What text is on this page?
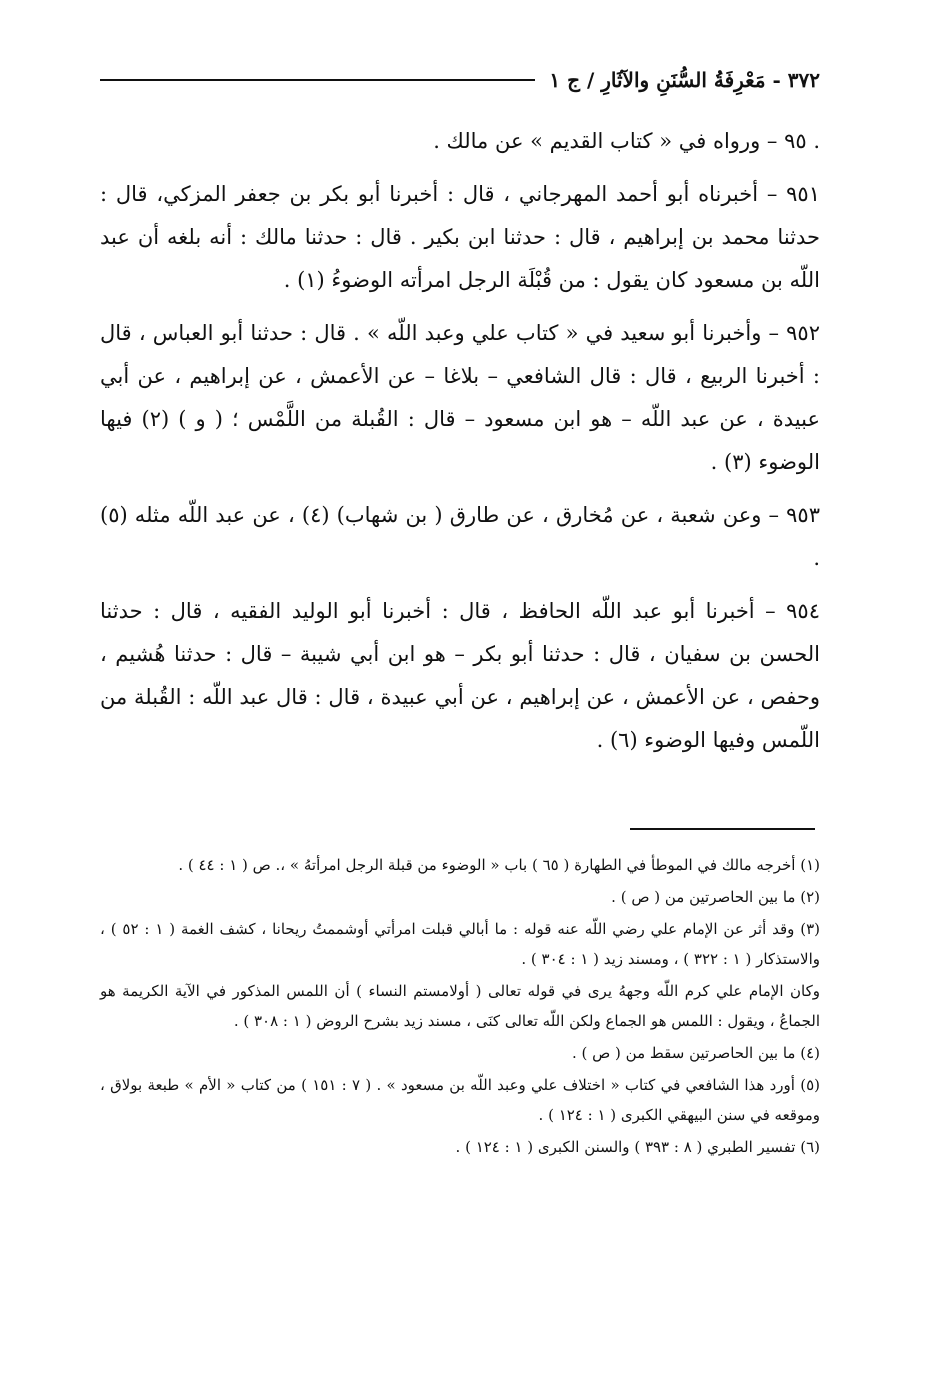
٣٧٢ - مَعْرِفَةُ السُّنَنِ والآثَارِ / ج ١

. ٩٥ – ورواه في « كتاب القديم » عن مالك .

٩٥١ – أخبرناه أبو أحمد المهرجاني ، قال : أخبرنا أبو بكر بن جعفر المزكي، قال : حدثنا محمد بن إبراهيم ، قال : حدثنا ابن بكير . قال : حدثنا مالك : أنه بلغه أن عبد اللّه بن مسعود كان يقول : من قُبْلَة الرجل امرأته الوضوءُ (١) .

٩٥٢ – وأخبرنا أبو سعيد في « كتاب علي وعبد اللّه » . قال : حدثنا أبو العباس ، قال : أخبرنا الربيع ، قال : قال الشافعي – بلاغا – عن الأعمش ، عن إبراهيم ، عن أبي عبيدة ، عن عبد اللّه – هو ابن مسعود – قال : القُبلة من اللَّمْس ؛ ( و ) (٢) فيها الوضوء (٣) .

٩٥٣ – وعن شعبة ، عن مُخارق ، عن طارق ( بن شهاب) (٤) ، عن عبد اللّه مثله (٥) .

٩٥٤ – أخبرنا أبو عبد اللّه الحافظ ، قال : أخبرنا أبو الوليد الفقيه ، قال : حدثنا الحسن بن سفيان ، قال : حدثنا أبو بكر – هو ابن أبي شيبة – قال : حدثنا هُشيم ، وحفص ، عن الأعمش ، عن إبراهيم ، عن أبي عبيدة ، قال : قال عبد اللّه : القُبلة من اللّمس وفيها الوضوء (٦) .

(١) أخرجه مالك في الموطأ في الطهارة ( ٦٥ ) باب « الوضوء من قبلة الرجل امرأتهُ » ،. ص ( ١ : ٤٤ ) .

(٢) ما بين الحاصرتين من ( ص ) .

(٣) وقد أثر عن الإمام علي رضي اللّه عنه قوله : ما أبالي قبلت امرأتي أوشممتُ ريحانا ، كشف الغمة ( ١ : ٥٢ ) ، والاستذكار ( ١ : ٣٢٢ ) ، ومسند زيد ( ١ : ٣٠٤ ) .

وكان الإمام علي كرم اللّه وجههُ يرى في قوله تعالى ( أولامستم النساء ) أن اللمس المذكور في الآية الكريمة هو الجماعُ ، ويقول : اللمس هو الجماع ولكن اللّه تعالى كنَى ، مسند زيد بشرح الروض ( ١ : ٣٠٨ ) .

(٤) ما بين الحاصرتين سقط من ( ص ) .

(٥) أورد هذا الشافعي في كتاب « اختلاف علي وعبد اللّه بن مسعود » . ( ٧ : ١٥١ ) من كتاب « الأم » طبعة بولاق ، وموقعه في سنن البيهقي الكبرى ( ١ : ١٢٤ ) .

(٦) تفسير الطبري ( ٨ : ٣٩٣ ) والسنن الكبرى ( ١ : ١٢٤ ) .
